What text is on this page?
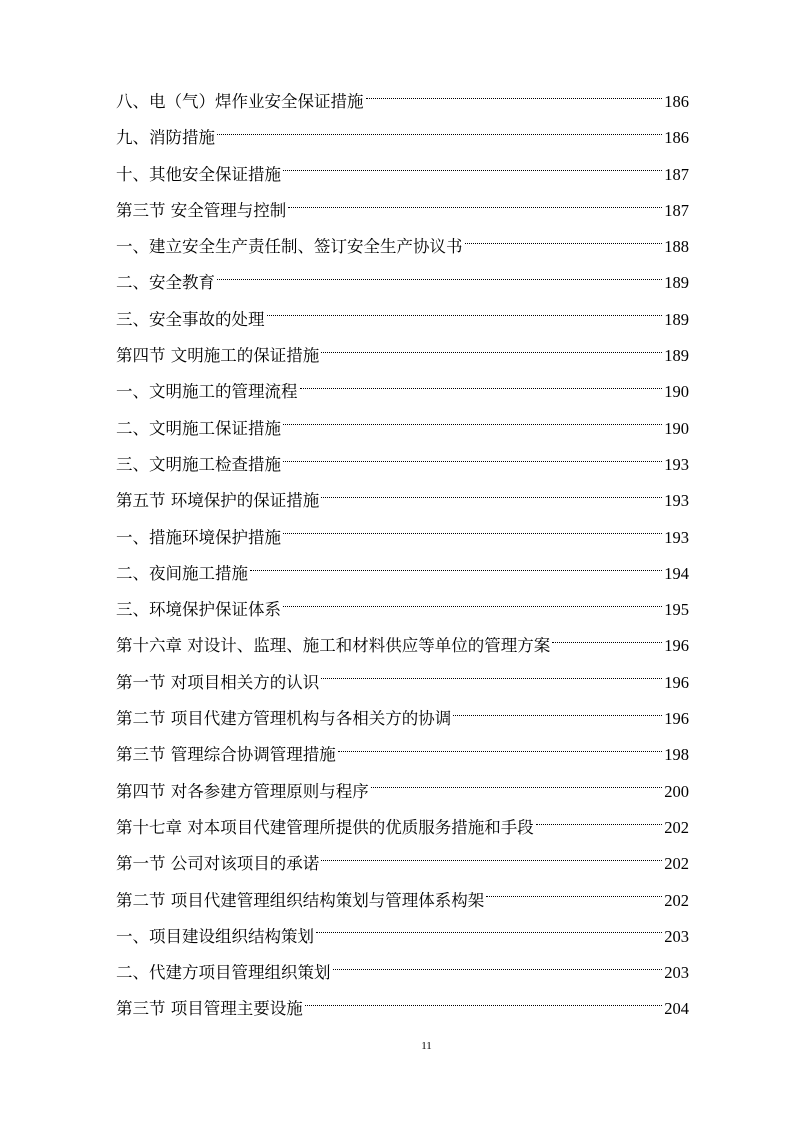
八、电（气）焊作业安全保证措施	186
九、消防措施	186
十、其他安全保证措施	187
第三节 安全管理与控制	187
一、建立安全生产责任制、签订安全生产协议书	188
二、安全教育	189
三、安全事故的处理	189
第四节 文明施工的保证措施	189
一、文明施工的管理流程	190
二、文明施工保证措施	190
三、文明施工检查措施	193
第五节 环境保护的保证措施	193
一、措施环境保护措施	193
二、夜间施工措施	194
三、环境保护保证体系	195
第十六章 对设计、监理、施工和材料供应等单位的管理方案	196
第一节 对项目相关方的认识	196
第二节 项目代建方管理机构与各相关方的协调	196
第三节 管理综合协调管理措施	198
第四节 对各参建方管理原则与程序	200
第十七章 对本项目代建管理所提供的优质服务措施和手段	202
第一节 公司对该项目的承诺	202
第二节 项目代建管理组织结构策划与管理体系构架	202
一、项目建设组织结构策划	203
二、代建方项目管理组织策划	203
第三节 项目管理主要设施	204
11
